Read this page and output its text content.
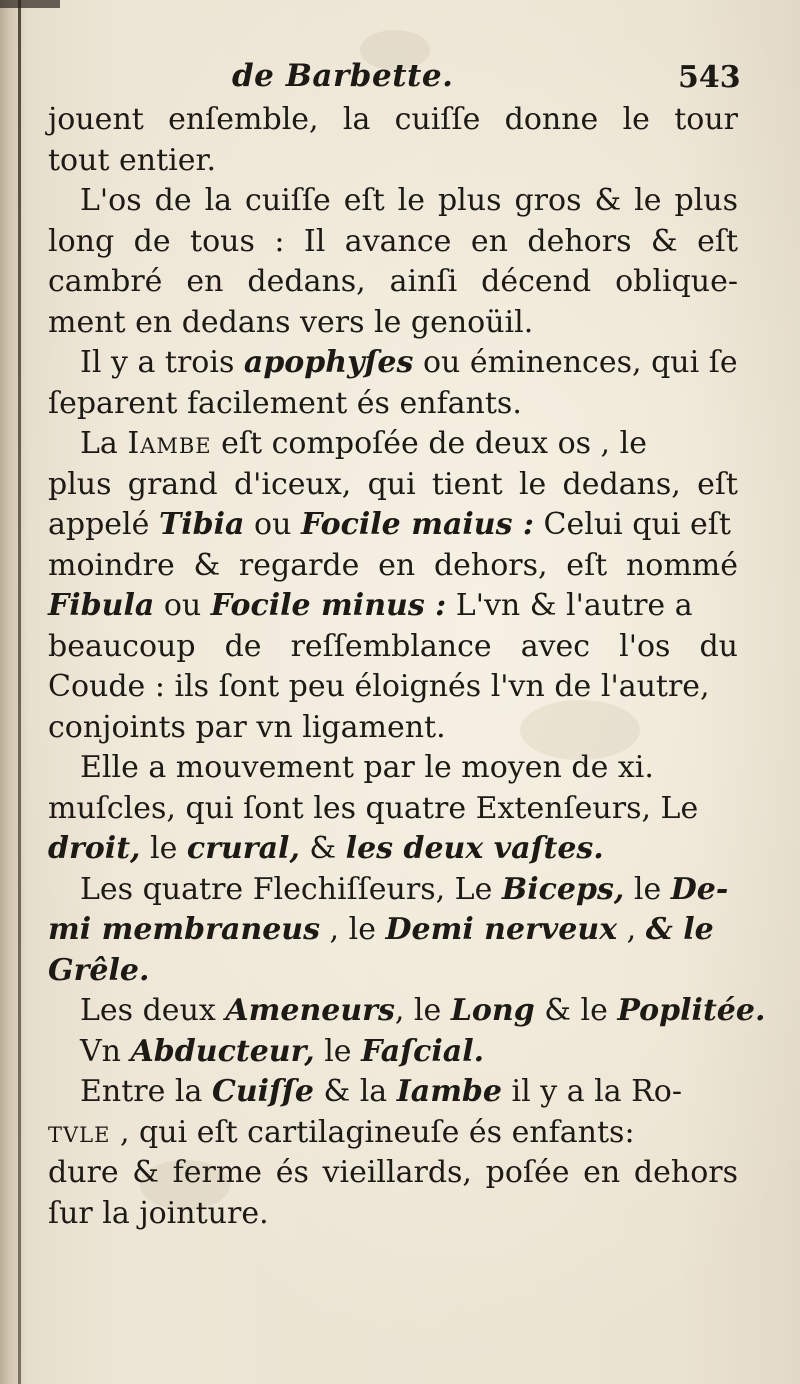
de Barbette.	543
jouent enſemble, la cuiſſe donne le tour
tout entier.
L'os de la cuiſſe eſt le plus gros & le plus
long de tous : Il avance en dehors & eſt
cambré en dedans, ainſi décend oblique-
ment en dedans vers le genoüil.
Il y a trois apophyſes ou éminences, qui ſe
ſeparent facilement és enfants.
La Iambe eſt compoſée de deux os , le
plus grand d'iceux, qui tient le dedans, eſt
appelé Tibia ou Focile maius : Celui qui eſt
moindre & regarde en dehors, eſt nommé
Fibula ou Focile minus : L'vn & l'autre a
beaucoup de reſſemblance avec l'os du
Coude : ils ſont peu éloignés l'vn de l'autre,
conjoints par vn ligament.
Elle a mouvement par le moyen de xi.
muſcles, qui ſont les quatre Extenſeurs, Le
droit, le crural, & les deux vaſtes.
Les quatre Flechiſſeurs, Le Biceps, le De-
mi membraneus , le Demi nerveux , & le
Grêle.
Les deux Ameneurs, le Long & le Poplitée.
Vn Abducteur, le Faſcial.
Entre la Cuiſſe & la Iambe il y a la Ro-
tvle , qui eſt cartilagineuſe és enfants:
dure & ferme és vieillards, poſée en dehors
ſur la jointure.
